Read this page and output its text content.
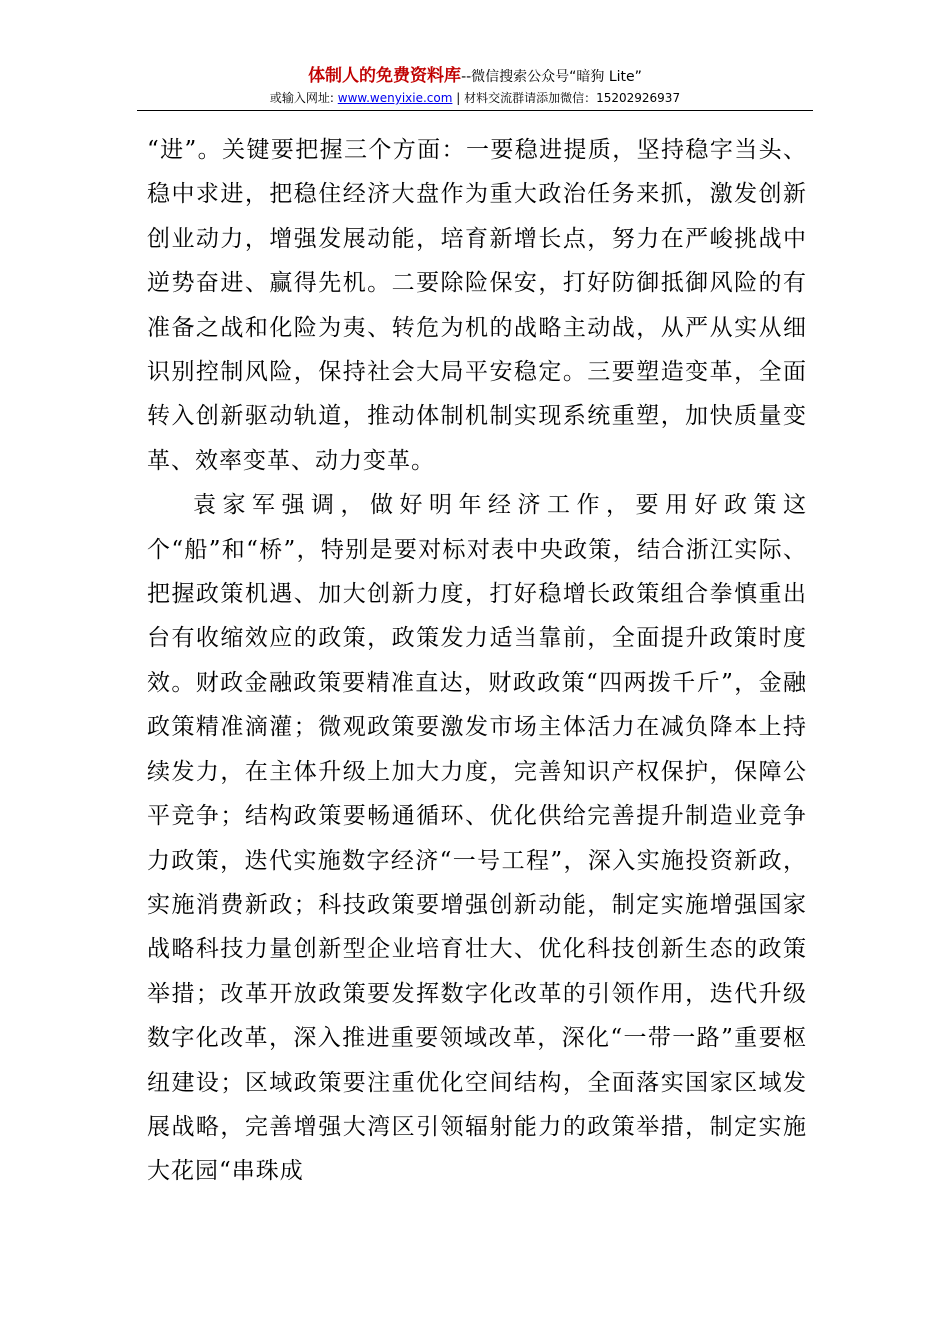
体制人的免费资料库--微信搜索公众号“暗狗 Lite”
或输入网址: www.wenyixie.com | 材料交流群请添加微信：15202926937

“进”。关键要把握三个方面：一要稳进提质，坚持稳字当头、稳中求进，把稳住经济大盘作为重大政治任务来抓，激发创新创业动力，增强发展动能，培育新增长点，努力在严峻挑战中逆势奋进、赢得先机。二要除险保安，打好防御抵御风险的有准备之战和化险为夷、转危为机的战略主动战，从严从实从细识别控制风险，保持社会大局平安稳定。三要塑造变革，全面转入创新驱动轨道，推动体制机制实现系统重塑，加快质量变革、效率变革、动力变革。

袁家军强调，做好明年经济工作，要用好政策这个“船”和“桥”，特别是要对标对表中央政策，结合浙江实际、把握政策机遇、加大创新力度，打好稳增长政策组合拳慎重出台有收缩效应的政策，政策发力适当靠前，全面提升政策时度效。财政金融政策要精准直达，财政政策“四两拨千斤”，金融政策精准滴灌；微观政策要激发市场主体活力在减负降本上持续发力，在主体升级上加大力度，完善知识产权保护，保障公平竞争；结构政策要畅通循环、优化供给完善提升制造业竞争力政策，迭代实施数字经济“一号工程”，深入实施投资新政，实施消费新政；科技政策要增强创新动能，制定实施增强国家战略科技力量创新型企业培育壮大、优化科技创新生态的政策举措；改革开放政策要发挥数字化改革的引领作用，迭代升级数字化改革，深入推进重要领域改革，深化“一带一路”重要枢纽建设；区域政策要注重优化空间结构，全面落实国家区域发展战略，完善增强大湾区引领辐射能力的政策举措，制定实施大花园“串珠成
